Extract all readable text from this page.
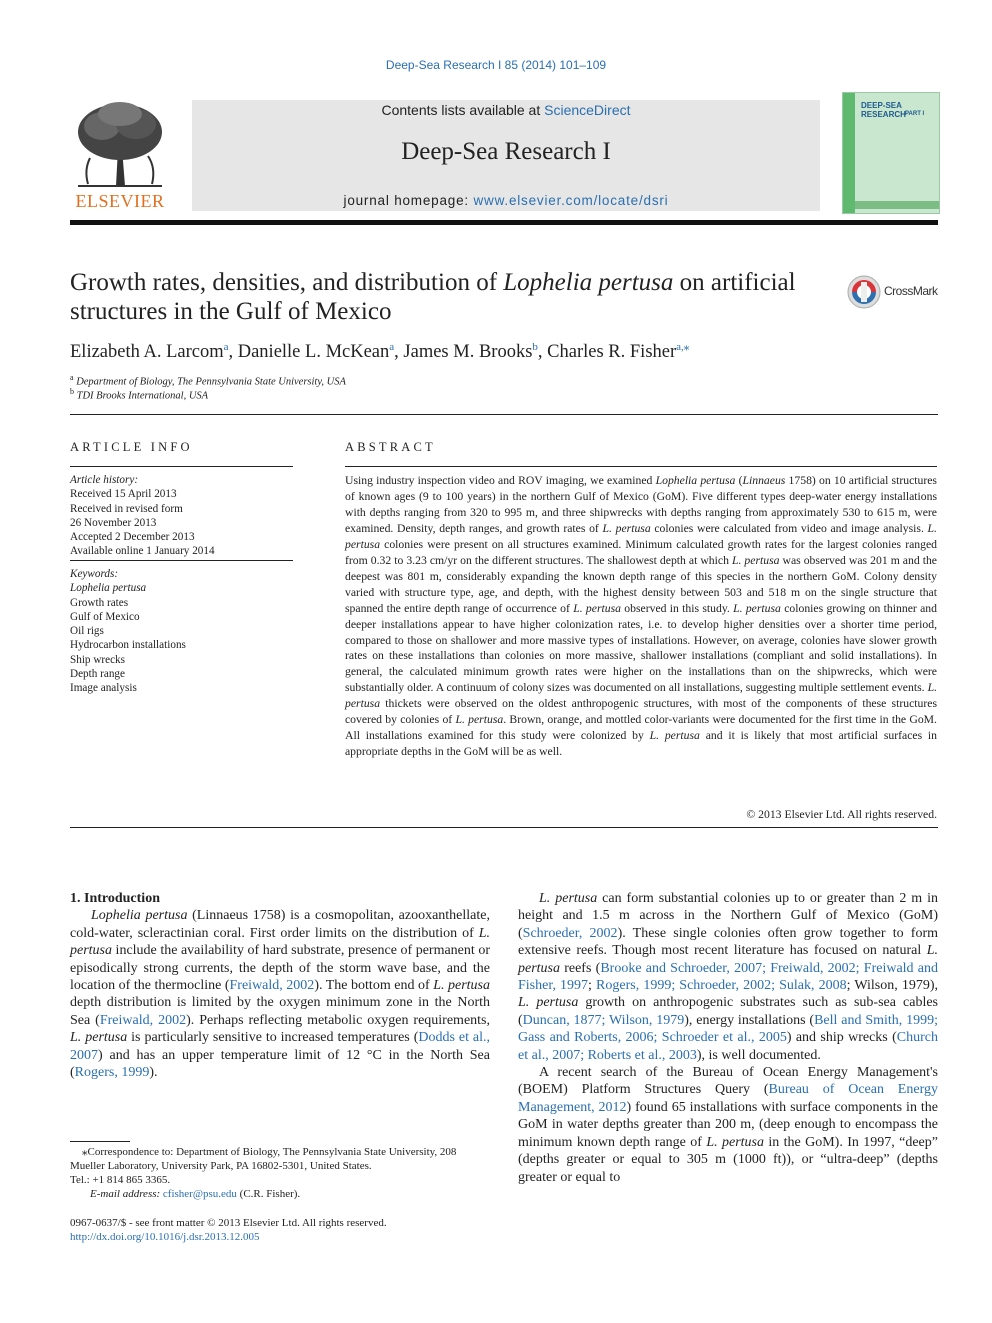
Deep-Sea Research I 85 (2014) 101–109
ELSEVIER
Contents lists available at ScienceDirect
Deep-Sea Research I
journal homepage: www.elsevier.com/locate/dsri
DEEP-SEA RESEARCH PART I
Growth rates, densities, and distribution of Lophelia pertusa on artificial structures in the Gulf of Mexico
CrossMark
Elizabeth A. Larcom$^a$, Danielle L. McKean$^a$, James M. Brooks$^b$, Charles R. Fisher$^{a,⁎}$
$^a$ Department of Biology, The Pennsylvania State University, USA
$^b$ TDI Brooks International, USA
ARTICLE INFO
Article history:
Received 15 April 2013
Received in revised form
26 November 2013
Accepted 2 December 2013
Available online 1 January 2014
Keywords:
Lophelia pertusa
Growth rates
Gulf of Mexico
Oil rigs
Hydrocarbon installations
Ship wrecks
Depth range
Image analysis
ABSTRACT
Using industry inspection video and ROV imaging, we examined Lophelia pertusa (Linnaeus 1758) on 10 artificial structures of known ages (9 to 100 years) in the northern Gulf of Mexico (GoM). Five different types deep-water energy installations with depths ranging from 320 to 995 m, and three shipwrecks with depths ranging from approximately 530 to 615 m, were examined. Density, depth ranges, and growth rates of L. pertusa colonies were calculated from video and image analysis. L. pertusa colonies were present on all structures examined. Minimum calculated growth rates for the largest colonies ranged from 0.32 to 3.23 cm/yr on the different structures. The shallowest depth at which L. pertusa was observed was 201 m and the deepest was 801 m, considerably expanding the known depth range of this species in the northern GoM. Colony density varied with structure type, age, and depth, with the highest density between 503 and 518 m on the single structure that spanned the entire depth range of occurrence of L. pertusa observed in this study. L. pertusa colonies growing on thinner and deeper installations appear to have higher colonization rates, i.e. to develop higher densities over a shorter time period, compared to those on shallower and more massive types of installations. However, on average, colonies have slower growth rates on these installations than colonies on more massive, shallower installations (compliant and solid installations). In general, the calculated minimum growth rates were higher on the installations than on the shipwrecks, which were substantially older. A continuum of colony sizes was documented on all installations, suggesting multiple settlement events. L. pertusa thickets were observed on the oldest anthropogenic structures, with most of the components of these structures covered by colonies of L. pertusa. Brown, orange, and mottled color-variants were documented for the first time in the GoM. All installations examined for this study were colonized by L. pertusa and it is likely that most artificial surfaces in appropriate depths in the GoM will be as well.
© 2013 Elsevier Ltd. All rights reserved.

1. Introduction

Lophelia pertusa (Linnaeus 1758) is a cosmopolitan, azooxanthellate, cold-water, scleractinian coral. First order limits on the distribution of L. pertusa include the availability of hard substrate, presence of permanent or episodically strong currents, the depth of the storm wave base, and the location of the thermocline (Freiwald, 2002). The bottom end of L. pertusa depth distribution is limited by the oxygen minimum zone in the North Sea (Freiwald, 2002). Perhaps reflecting metabolic oxygen requirements, L. pertusa is particularly sensitive to increased temperatures (Dodds et al., 2007) and has an upper temperature limit of 12 °C in the North Sea (Rogers, 1999).

L. pertusa can form substantial colonies up to or greater than 2 m in height and 1.5 m across in the Northern Gulf of Mexico (GoM) (Schroeder, 2002). These single colonies often grow together to form extensive reefs. Though most recent literature has focused on natural L. pertusa reefs (Brooke and Schroeder, 2007; Freiwald, 2002; Freiwald and Fisher, 1997; Rogers, 1999; Schroeder, 2002; Sulak, 2008; Wilson, 1979), L. pertusa growth on anthropogenic substrates such as sub-sea cables (Duncan, 1877; Wilson, 1979), energy installations (Bell and Smith, 1999; Gass and Roberts, 2006; Schroeder et al., 2005) and ship wrecks (Church et al., 2007; Roberts et al., 2003), is well documented.

A recent search of the Bureau of Ocean Energy Management's (BOEM) Platform Structures Query (Bureau of Ocean Energy Management, 2012) found 65 installations with surface components in the GoM in water depths greater than 200 m, (deep enough to encompass the minimum known depth range of L. pertusa in the GoM). In 1997, “deep” (depths greater or equal to 305 m (1000 ft)), or “ultra-deep” (depths greater or equal to

⁎Correspondence to: Department of Biology, The Pennsylvania State University, 208 Mueller Laboratory, University Park, PA 16802-5301, United States.
Tel.: +1 814 865 3365.
E-mail address: cfisher@psu.edu (C.R. Fisher).
0967-0637/$ - see front matter © 2013 Elsevier Ltd. All rights reserved.
http://dx.doi.org/10.1016/j.dsr.2013.12.005
